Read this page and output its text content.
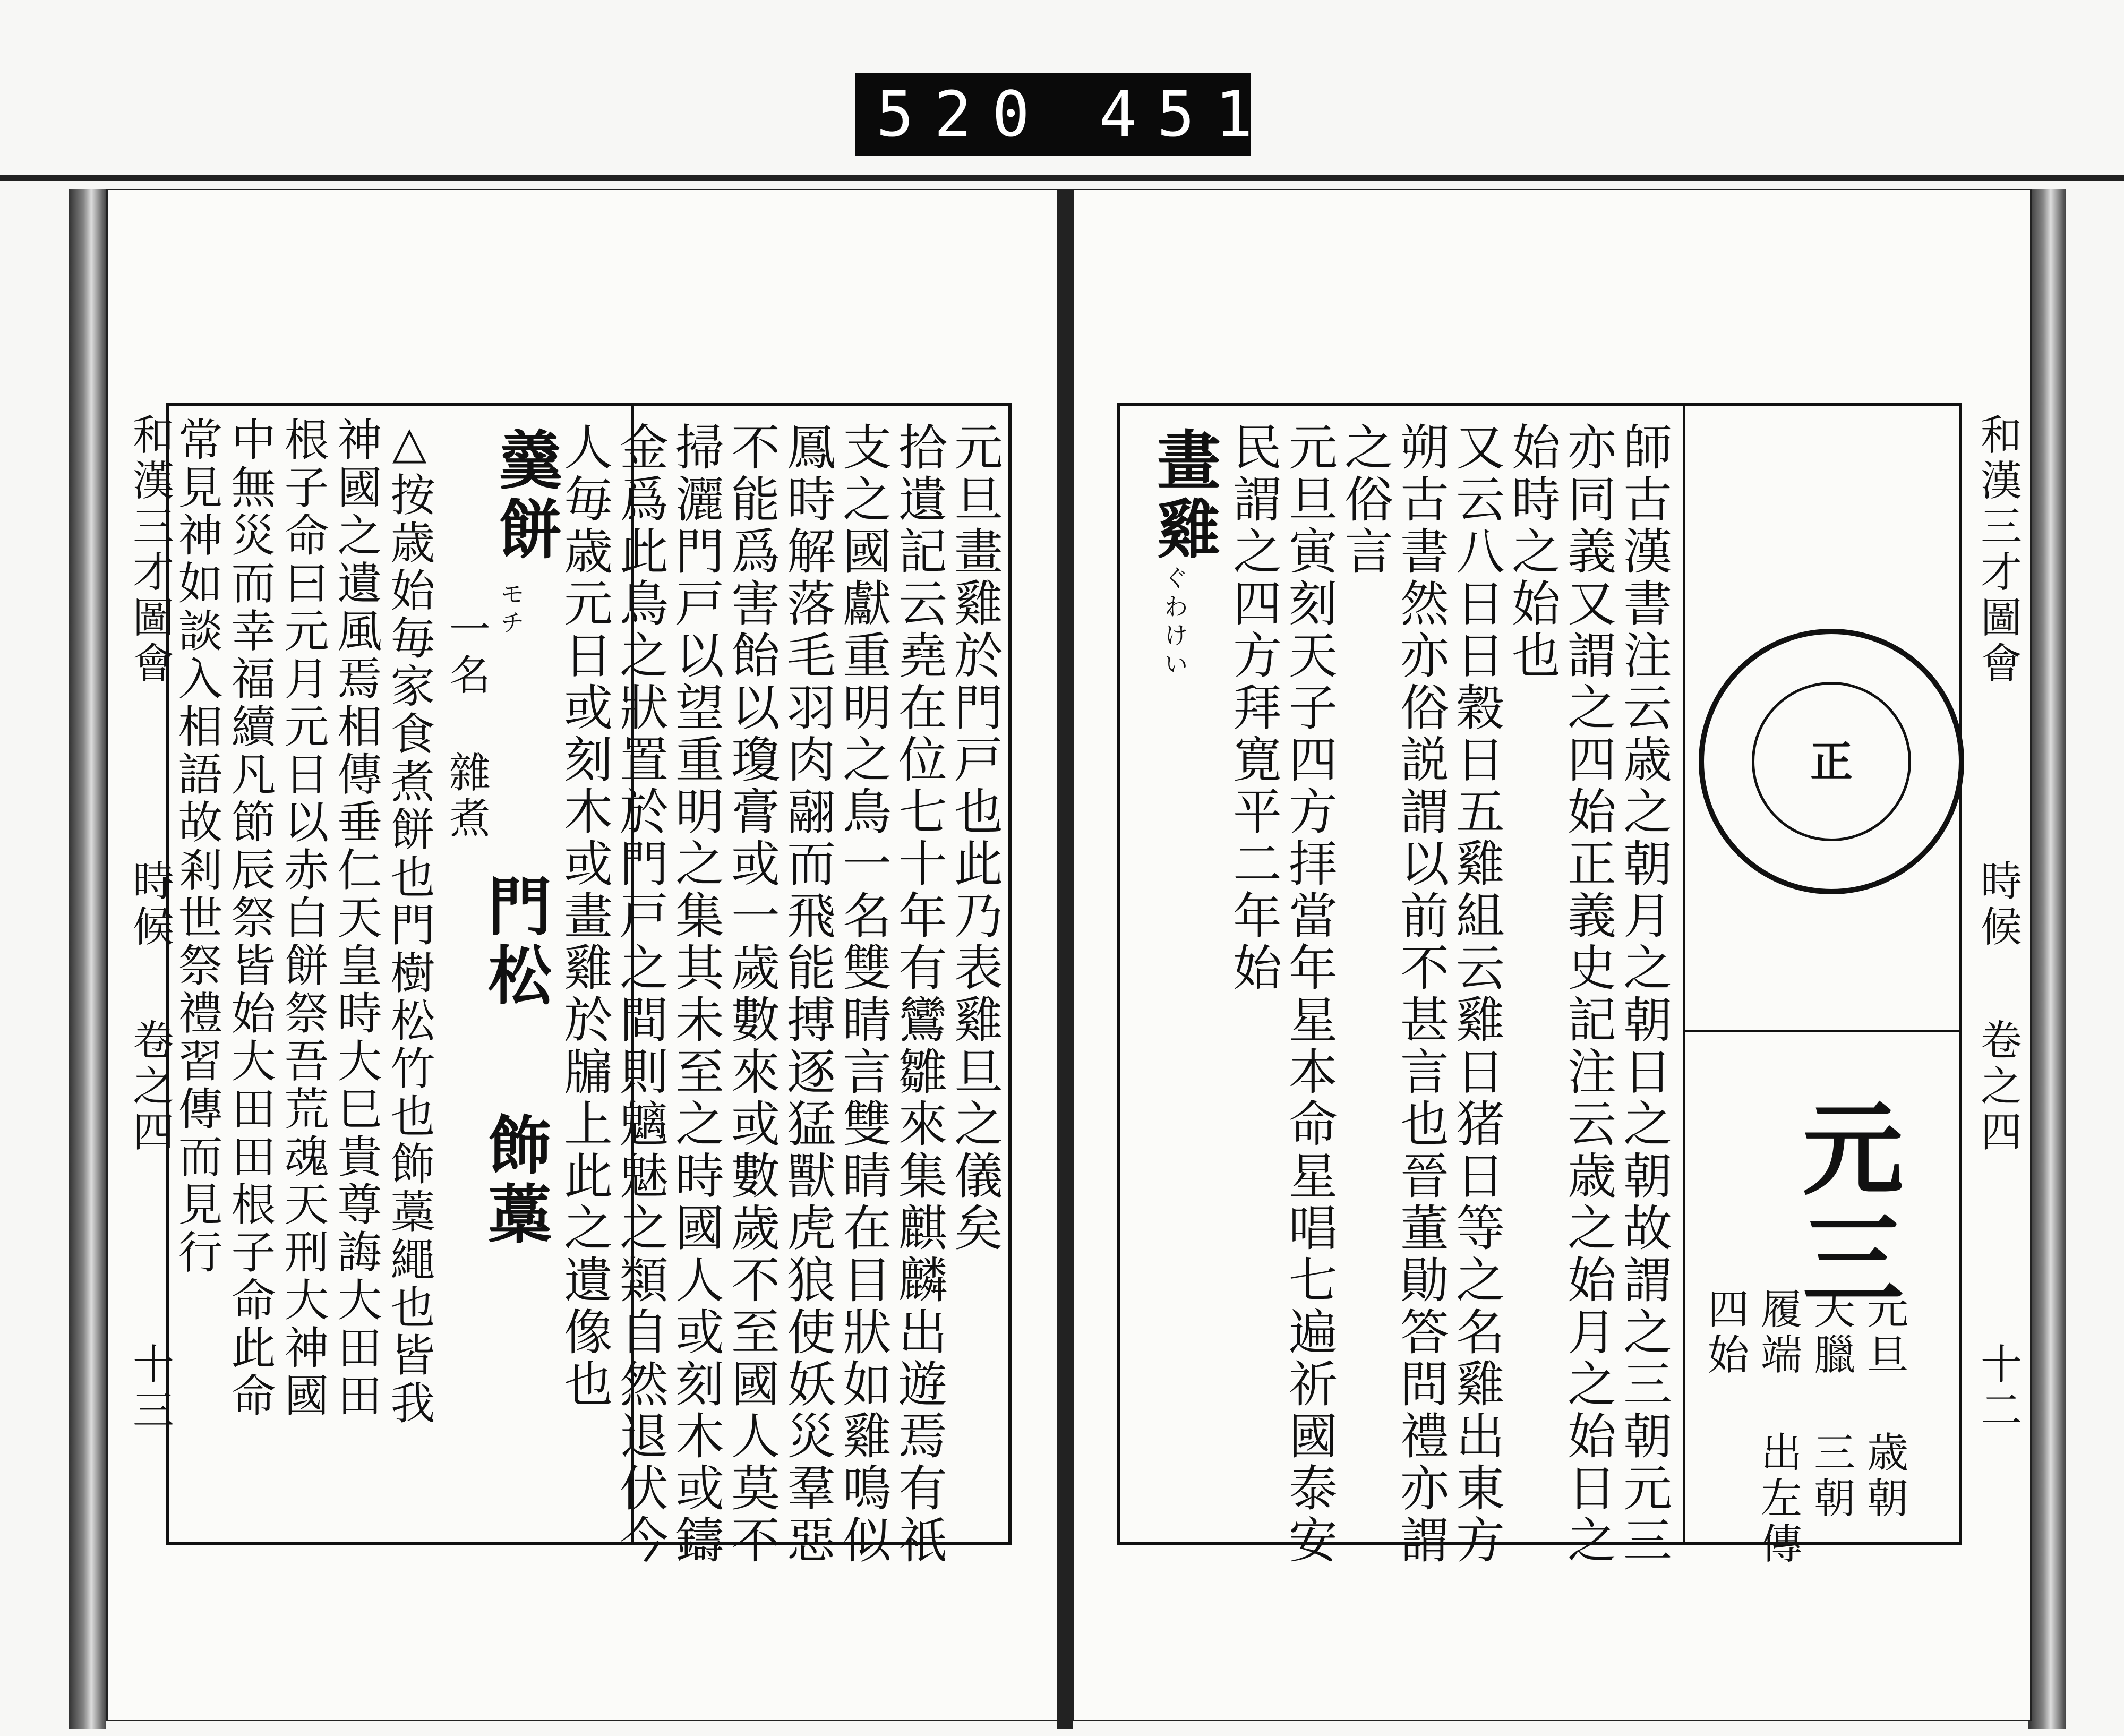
520 451
和漢三才圖會
時候
卷之四
十三
元旦畫雞於門戸也此乃表雞旦之儀矣
拾遺記云堯在位七十年有鸞雛來集麒麟出遊焉有祇
支之國獻重明之鳥一名雙睛言雙睛在目狀如雞鳴似
鳳時解落毛羽肉翮而飛能搏逐猛獸虎狼使妖災羣惡
不能爲害飴以瓊膏或一歲數來或數歲不至國人莫不
掃灑門戸以望重明之集其未至之時國人或刻木或鑄
金爲此鳥之狀置於門戸之間則魑魅之類自然退伏今
人毎歳元日或刻木或畫雞於牖上此之遺像也
羹餅
モチ
一名 雜煮
門松
飾藁
△按歳始毎家食煮餅也門樹松竹也飾藁繩也皆我
神國之遺風焉相傳垂仁天皇時大巳貴尊誨大田田
根子命曰元月元日以赤白餅祭吾荒魂天刑大神國
中無災而幸福續凡節辰祭皆始大田田根子命此命
常見神如談入相語故剎世祭禮習傳而見行	和漢三才圖會
時候
卷之四
十二
正
元三
元旦 歳朝
天臘 三朝
履端 出左傳
四始
師古漢書注云歳之朝月之朝日之朝故謂之三朝元三
亦同義又謂之四始正義史記注云歳之始月之始日之
始時之始也
又云八日日穀日五雞組云雞日猪日等之名雞出東方
朔古書然亦俗説謂以前不甚言也晉董勛答問禮亦謂
之俗言
元旦寅刻天子四方拝當年星本命星唱七遍祈國泰安
民謂之四方拜寛平二年始
畫雞
ぐわけい
